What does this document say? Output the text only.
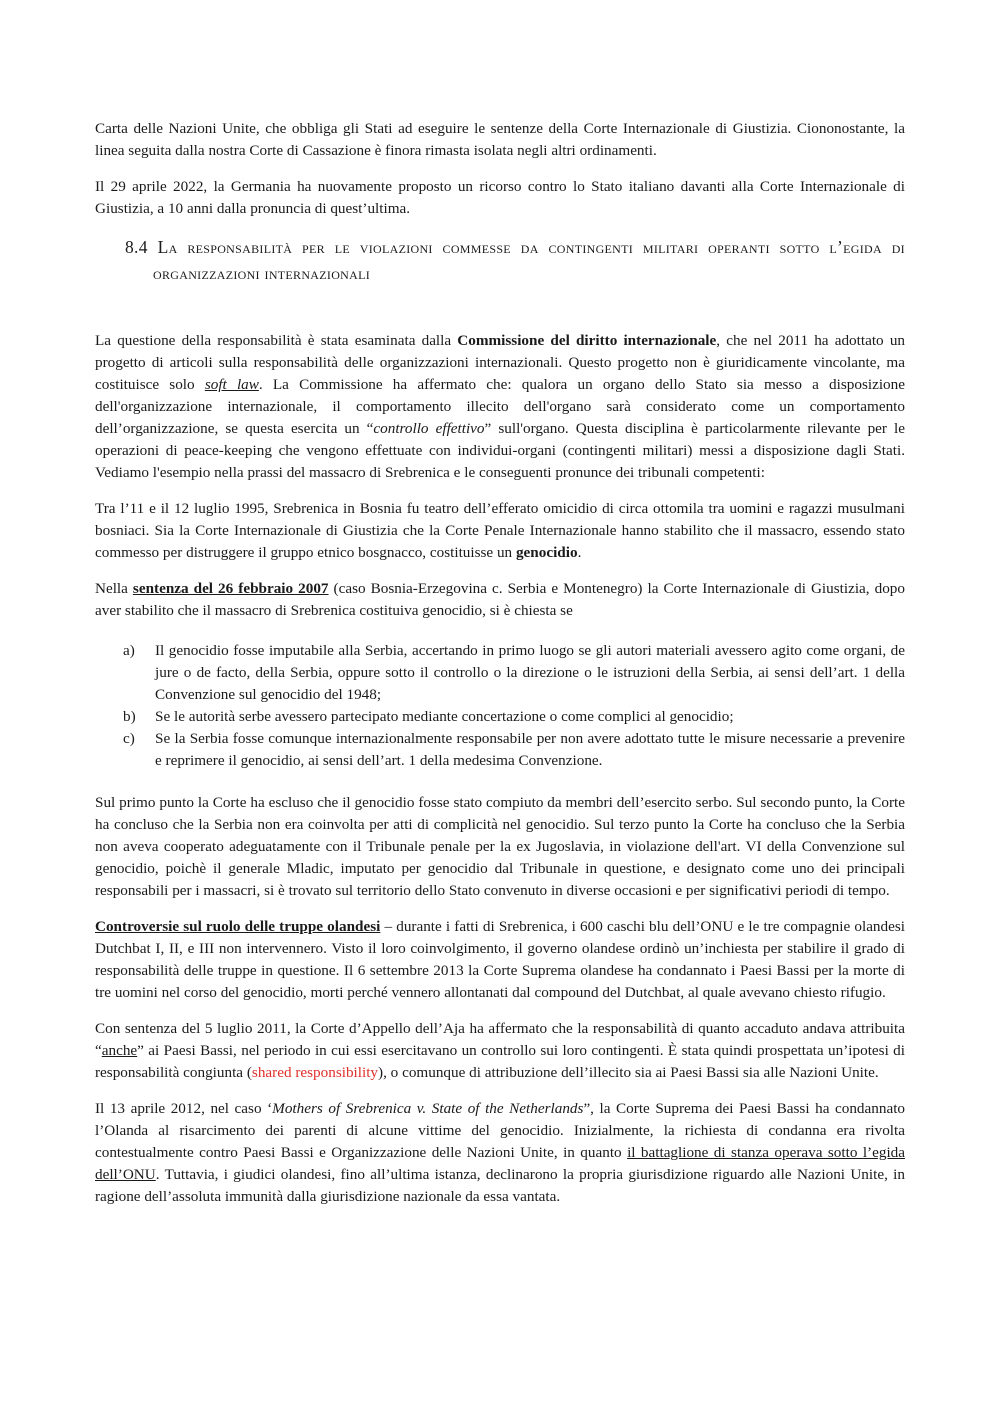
Carta delle Nazioni Unite, che obbliga gli Stati ad eseguire le sentenze della Corte Internazionale di Giustizia. Ciononostante, la linea seguita dalla nostra Corte di Cassazione è finora rimasta isolata negli altri ordinamenti.

Il 29 aprile 2022, la Germania ha nuovamente proposto un ricorso contro lo Stato italiano davanti alla Corte Internazionale di Giustizia, a 10 anni dalla pronuncia di quest’ultima.

8.4 La responsabilità per le violazioni commesse da contingenti militari operanti sotto l’egida di organizzazioni internazionali

La questione della responsabilità è stata esaminata dalla Commissione del diritto internazionale, che nel 2011 ha adottato un progetto di articoli sulla responsabilità delle organizzazioni internazionali. Questo progetto non è giuridicamente vincolante, ma costituisce solo soft law. La Commissione ha affermato che: qualora un organo dello Stato sia messo a disposizione dell'organizzazione internazionale, il comportamento illecito dell'organo sarà considerato come un comportamento dell’organizzazione, se questa esercita un “controllo effettivo” sull'organo. Questa disciplina è particolarmente rilevante per le operazioni di peace-keeping che vengono effettuate con individui-organi (contingenti militari) messi a disposizione dagli Stati. Vediamo l'esempio nella prassi del massacro di Srebrenica e le conseguenti pronunce dei tribunali competenti:

Tra l’11 e il 12 luglio 1995, Srebrenica in Bosnia fu teatro dell’efferato omicidio di circa ottomila tra uomini e ragazzi musulmani bosniaci. Sia la Corte Internazionale di Giustizia che la Corte Penale Internazionale hanno stabilito che il massacro, essendo stato commesso per distruggere il gruppo etnico bosgnacco, costituisse un genocidio.

Nella sentenza del 26 febbraio 2007 (caso Bosnia-Erzegovina c. Serbia e Montenegro) la Corte Internazionale di Giustizia, dopo aver stabilito che il massacro di Srebrenica costituiva genocidio, si è chiesta se

a) Il genocidio fosse imputabile alla Serbia, accertando in primo luogo se gli autori materiali avessero agito come organi, de jure o de facto, della Serbia, oppure sotto il controllo o la direzione o le istruzioni della Serbia, ai sensi dell’art. 1 della Convenzione sul genocidio del 1948;
b) Se le autorità serbe avessero partecipato mediante concertazione o come complici al genocidio;
c) Se la Serbia fosse comunque internazionalmente responsabile per non avere adottato tutte le misure necessarie a prevenire e reprimere il genocidio, ai sensi dell’art. 1 della medesima Convenzione.

Sul primo punto la Corte ha escluso che il genocidio fosse stato compiuto da membri dell’esercito serbo. Sul secondo punto, la Corte ha concluso che la Serbia non era coinvolta per atti di complicità nel genocidio. Sul terzo punto la Corte ha concluso che la Serbia non aveva cooperato adeguatamente con il Tribunale penale per la ex Jugoslavia, in violazione dell'art. VI della Convenzione sul genocidio, poichè il generale Mladic, imputato per genocidio dal Tribunale in questione, e designato come uno dei principali responsabili per i massacri, si è trovato sul territorio dello Stato convenuto in diverse occasioni e per significativi periodi di tempo.

Controversie sul ruolo delle truppe olandesi – durante i fatti di Srebrenica, i 600 caschi blu dell’ONU e le tre compagnie olandesi Dutchbat I, II, e III non intervennero. Visto il loro coinvolgimento, il governo olandese ordinò un’inchiesta per stabilire il grado di responsabilità delle truppe in questione. Il 6 settembre 2013 la Corte Suprema olandese ha condannato i Paesi Bassi per la morte di tre uomini nel corso del genocidio, morti perché vennero allontanati dal compound del Dutchbat, al quale avevano chiesto rifugio.

Con sentenza del 5 luglio 2011, la Corte d’Appello dell’Aja ha affermato che la responsabilità di quanto accaduto andava attribuita “anche” ai Paesi Bassi, nel periodo in cui essi esercitavano un controllo sui loro contingenti. È stata quindi prospettata un’ipotesi di responsabilità congiunta (shared responsibility), o comunque di attribuzione dell’illecito sia ai Paesi Bassi sia alle Nazioni Unite.

Il 13 aprile 2012, nel caso ‘Mothers of Srebrenica v. State of the Netherlands”, la Corte Suprema dei Paesi Bassi ha condannato l’Olanda al risarcimento dei parenti di alcune vittime del genocidio. Inizialmente, la richiesta di condanna era rivolta contestualmente contro Paesi Bassi e Organizzazione delle Nazioni Unite, in quanto il battaglione di stanza operava sotto l’egida dell’ONU. Tuttavia, i giudici olandesi, fino all’ultima istanza, declinarono la propria giurisdizione riguardo alle Nazioni Unite, in ragione dell’assoluta immunità dalla giurisdizione nazionale da essa vantata.
